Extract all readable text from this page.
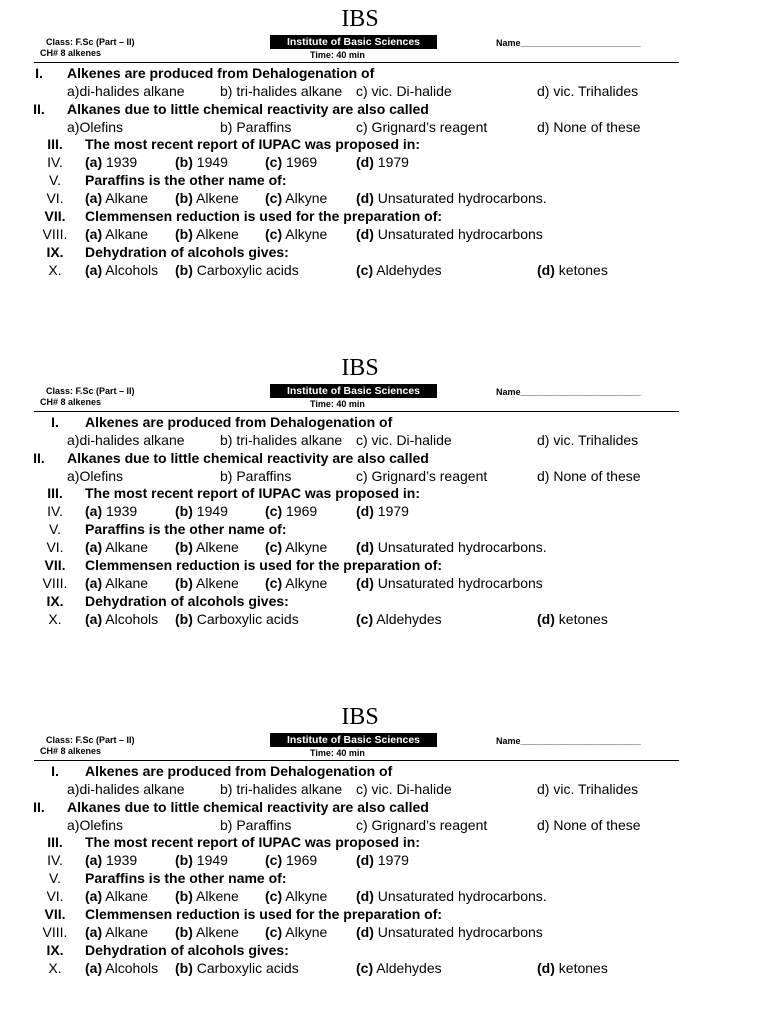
IBS
Class: F.Sc (Part – II)
CH# 8 alkenes
Institute of Basic Sciences
Time: 40 min
Name________________________
I.	Alkenes are produced from Dehalogenation of
a)di-halides alkane	b) tri-halides alkane c) vic. Di-halide	d) vic. Trihalides
II.	Alkanes due to little chemical reactivity are also called
a)Olefins	b) Paraffins	c) Grignard’s reagent	d) None of these
III.	The most recent report of IUPAC was proposed in:
IV.	(a) 1939	(b) 1949	(c) 1969	(d) 1979
V.	Paraffins is the other name of:
VI.	(a) Alkane (b) Alkene (c) Alkyne (d) Unsaturated hydrocarbons.
VII.	Clemmensen reduction is used for the preparation of:
VIII. (a) Alkane (b) Alkene (c) Alkyne (d) Unsaturated hydrocarbons
IX.	Dehydration of alcohols gives:
X.	(a) Alcohols (b) Carboxylic acids	(c) Aldehydes	(d) ketones
IBS
Class: F.Sc (Part – II)
CH# 8 alkenes
Institute of Basic Sciences
Time: 40 min
Name________________________
I.	Alkenes are produced from Dehalogenation of
a)di-halides alkane	b) tri-halides alkane c) vic. Di-halide	d) vic. Trihalides
II.	Alkanes due to little chemical reactivity are also called
a)Olefins	b) Paraffins	c) Grignard’s reagent	d) None of these
III.	The most recent report of IUPAC was proposed in:
IV.	(a) 1939	(b) 1949	(c) 1969	(d) 1979
V.	Paraffins is the other name of:
VI.	(a) Alkane (b) Alkene (c) Alkyne (d) Unsaturated hydrocarbons.
VII.	Clemmensen reduction is used for the preparation of:
VIII. (a) Alkane (b) Alkene (c) Alkyne (d) Unsaturated hydrocarbons
IX.	Dehydration of alcohols gives:
X.	(a) Alcohols (b) Carboxylic acids	(c) Aldehydes	(d) ketones
IBS
Class: F.Sc (Part – II)
CH# 8 alkenes
Institute of Basic Sciences
Time: 40 min
Name________________________
I.	Alkenes are produced from Dehalogenation of
a)di-halides alkane	b) tri-halides alkane c) vic. Di-halide	d) vic. Trihalides
II.	Alkanes due to little chemical reactivity are also called
a)Olefins	b) Paraffins	c) Grignard’s reagent	d) None of these
III.	The most recent report of IUPAC was proposed in:
IV.	(a) 1939	(b) 1949	(c) 1969	(d) 1979
V.	Paraffins is the other name of:
VI.	(a) Alkane (b) Alkene (c) Alkyne (d) Unsaturated hydrocarbons.
VII.	Clemmensen reduction is used for the preparation of:
VIII. (a) Alkane (b) Alkene (c) Alkyne (d) Unsaturated hydrocarbons
IX.	Dehydration of alcohols gives:
X.	(a) Alcohols (b) Carboxylic acids	(c) Aldehydes	(d) ketones
